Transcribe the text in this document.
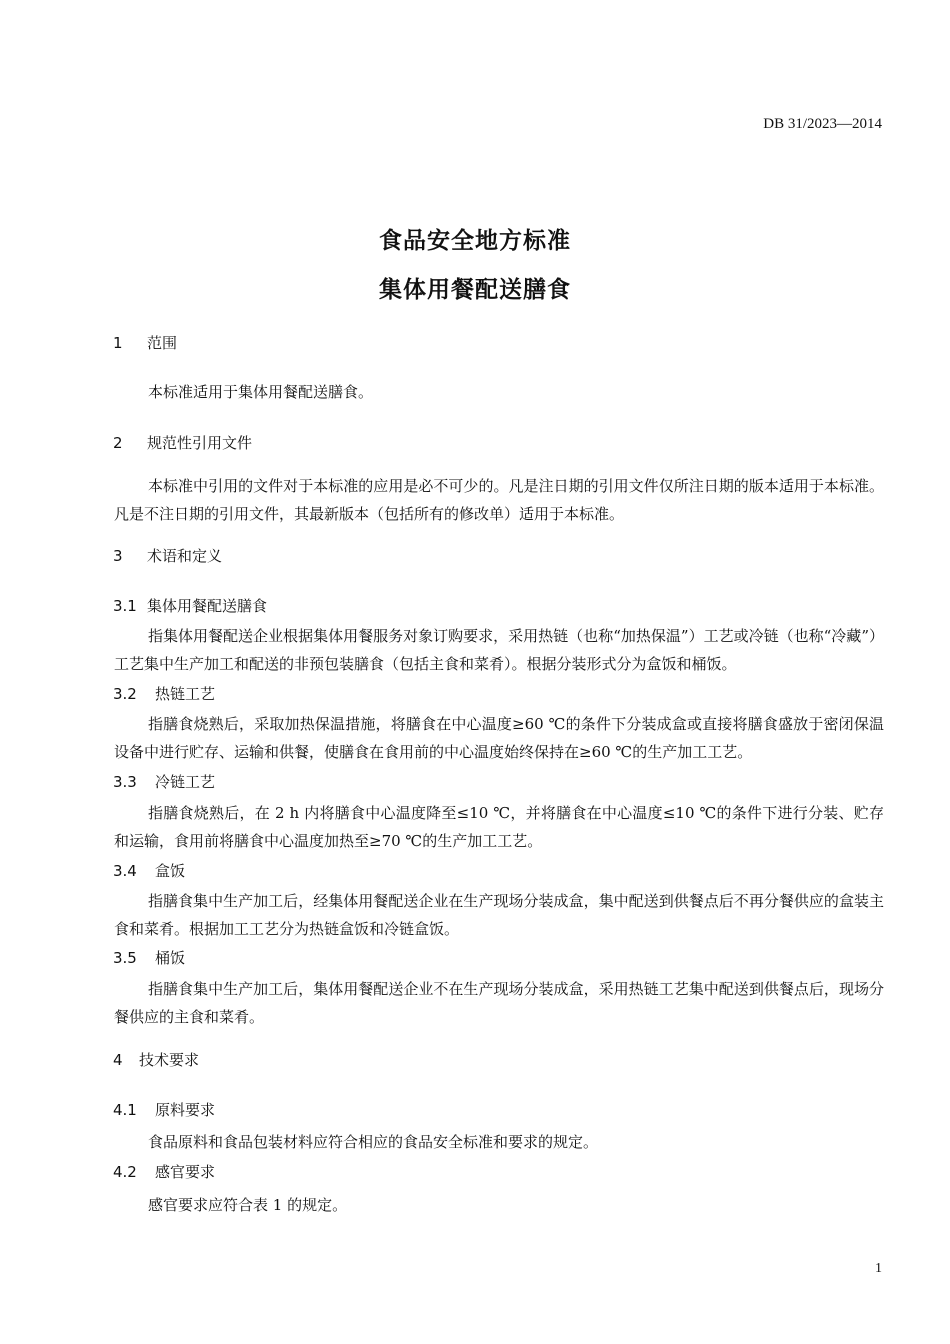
DB 31/2023—2014
食品安全地方标准
集体用餐配送膳食
1 范围
本标准适用于集体用餐配送膳食。
2 规范性引用文件
本标准中引用的文件对于本标准的应用是必不可少的。凡是注日期的引用文件仅所注日期的版本适用于本标准。凡是不注日期的引用文件，其最新版本（包括所有的修改单）适用于本标准。
3 术语和定义
3.1 集体用餐配送膳食
指集体用餐配送企业根据集体用餐服务对象订购要求，采用热链（也称“加热保温”）工艺或冷链（也称“冷藏”）工艺集中生产加工和配送的非预包装膳食（包括主食和菜肴）。根据分装形式分为盒饭和桶饭。
3.2 热链工艺
指膳食烧熟后，采取加热保温措施，将膳食在中心温度≥60 ℃的条件下分装成盒或直接将膳食盛放于密闭保温设备中进行贮存、运输和供餐，使膳食在食用前的中心温度始终保持在≥60 ℃的生产加工工艺。
3.3 冷链工艺
指膳食烧熟后，在 2 h 内将膳食中心温度降至≤10 ℃，并将膳食在中心温度≤10 ℃的条件下进行分装、贮存和运输，食用前将膳食中心温度加热至≥70 ℃的生产加工工艺。
3.4 盒饭
指膳食集中生产加工后，经集体用餐配送企业在生产现场分装成盒，集中配送到供餐点后不再分餐供应的盒装主食和菜肴。根据加工工艺分为热链盒饭和冷链盒饭。
3.5 桶饭
指膳食集中生产加工后，集体用餐配送企业不在生产现场分装成盒，采用热链工艺集中配送到供餐点后，现场分餐供应的主食和菜肴。
4 技术要求
4.1 原料要求
食品原料和食品包装材料应符合相应的食品安全标准和要求的规定。
4.2 感官要求
感官要求应符合表 1 的规定。
1
